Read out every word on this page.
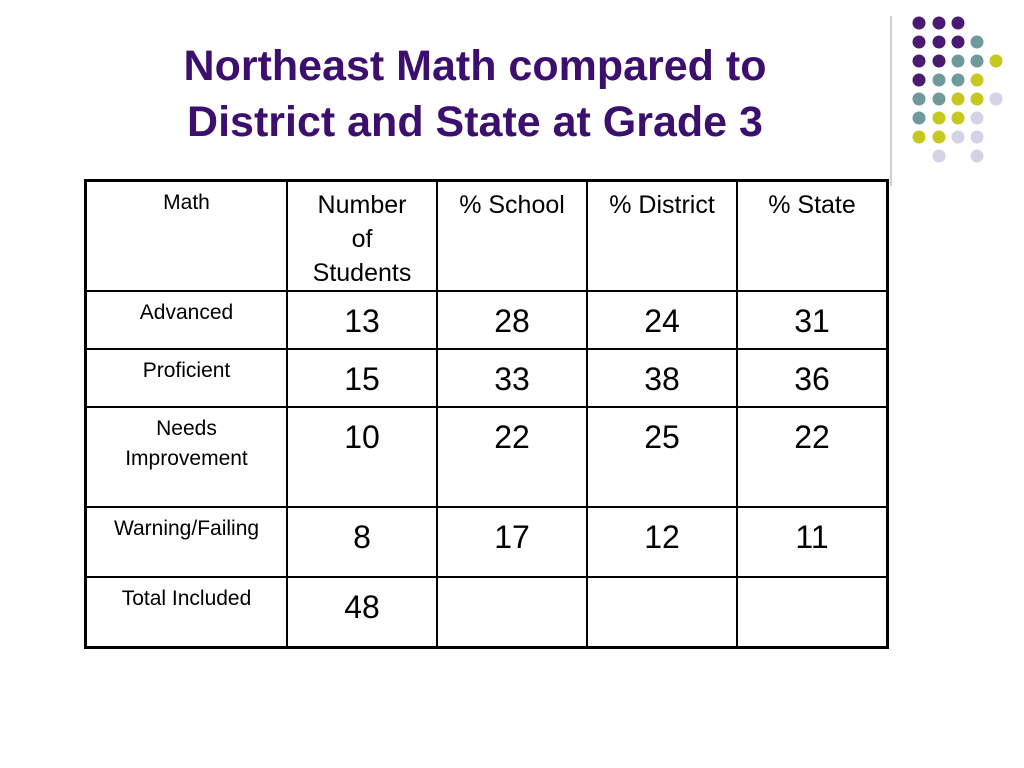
Northeast Math compared to
District and State at Grade 3
Math	Number of Students	% School	% District	% State
Advanced	13	28	24	31
Proficient	15	33	38	36

Needs Improvement	10	22	25	22
Warning/Failing	8	17	12	11
Total Included	48			
